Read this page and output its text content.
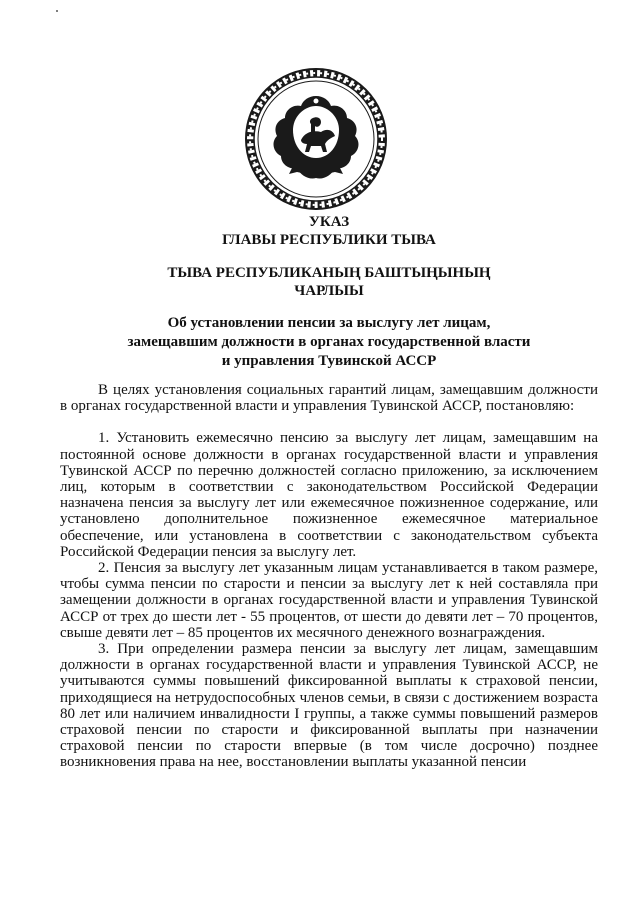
УКАЗ
ГЛАВЫ РЕСПУБЛИКИ ТЫВА
ТЫВА РЕСПУБЛИКАНЫҢ БАШТЫҢЫНЫҢ
ЧАРЛЫЫ
Об установлении пенсии за выслугу лет лицам,
замещавшим должности в органах государственной власти
и управления Тувинской АССР

В целях установления социальных гарантий лицам, замещавшим должности в органах государственной власти и управления Тувинской АССР, постановляю:

1. Установить ежемесячно пенсию за выслугу лет лицам, замещавшим на постоянной основе должности в органах государственной власти и управления Тувинской АССР по перечню должностей согласно приложению, за исключением лиц, которым в соответствии с законодательством Российской Федерации назначена пенсия за выслугу лет или ежемесячное пожизненное содержание, или установлено дополнительное пожизненное ежемесячное материальное обеспечение, или установлена в соответствии с законодательством субъекта Российской Федерации пенсия за выслугу лет.

2. Пенсия за выслугу лет указанным лицам устанавливается в таком размере, чтобы сумма пенсии по старости и пенсии за выслугу лет к ней составляла при замещении должности в органах государственной власти и управления Тувинской АССР от трех до шести лет - 55 процентов, от шести до девяти лет – 70 процентов, свыше девяти лет – 85 процентов их месячного денежного вознаграждения.

3. При определении размера пенсии за выслугу лет лицам, замещавшим должности в органах государственной власти и управления Тувинской АССР, не учитываются суммы повышений фиксированной выплаты к страховой пенсии, приходящиеся на нетрудоспособных членов семьи, в связи с достижением возраста 80 лет или наличием инвалидности I группы, а также суммы повышений размеров страховой пенсии по старости и фиксированной выплаты при назначении страховой пенсии по старости впервые (в том числе досрочно) позднее возникновения права на нее, восстановлении выплаты указанной пенсии
